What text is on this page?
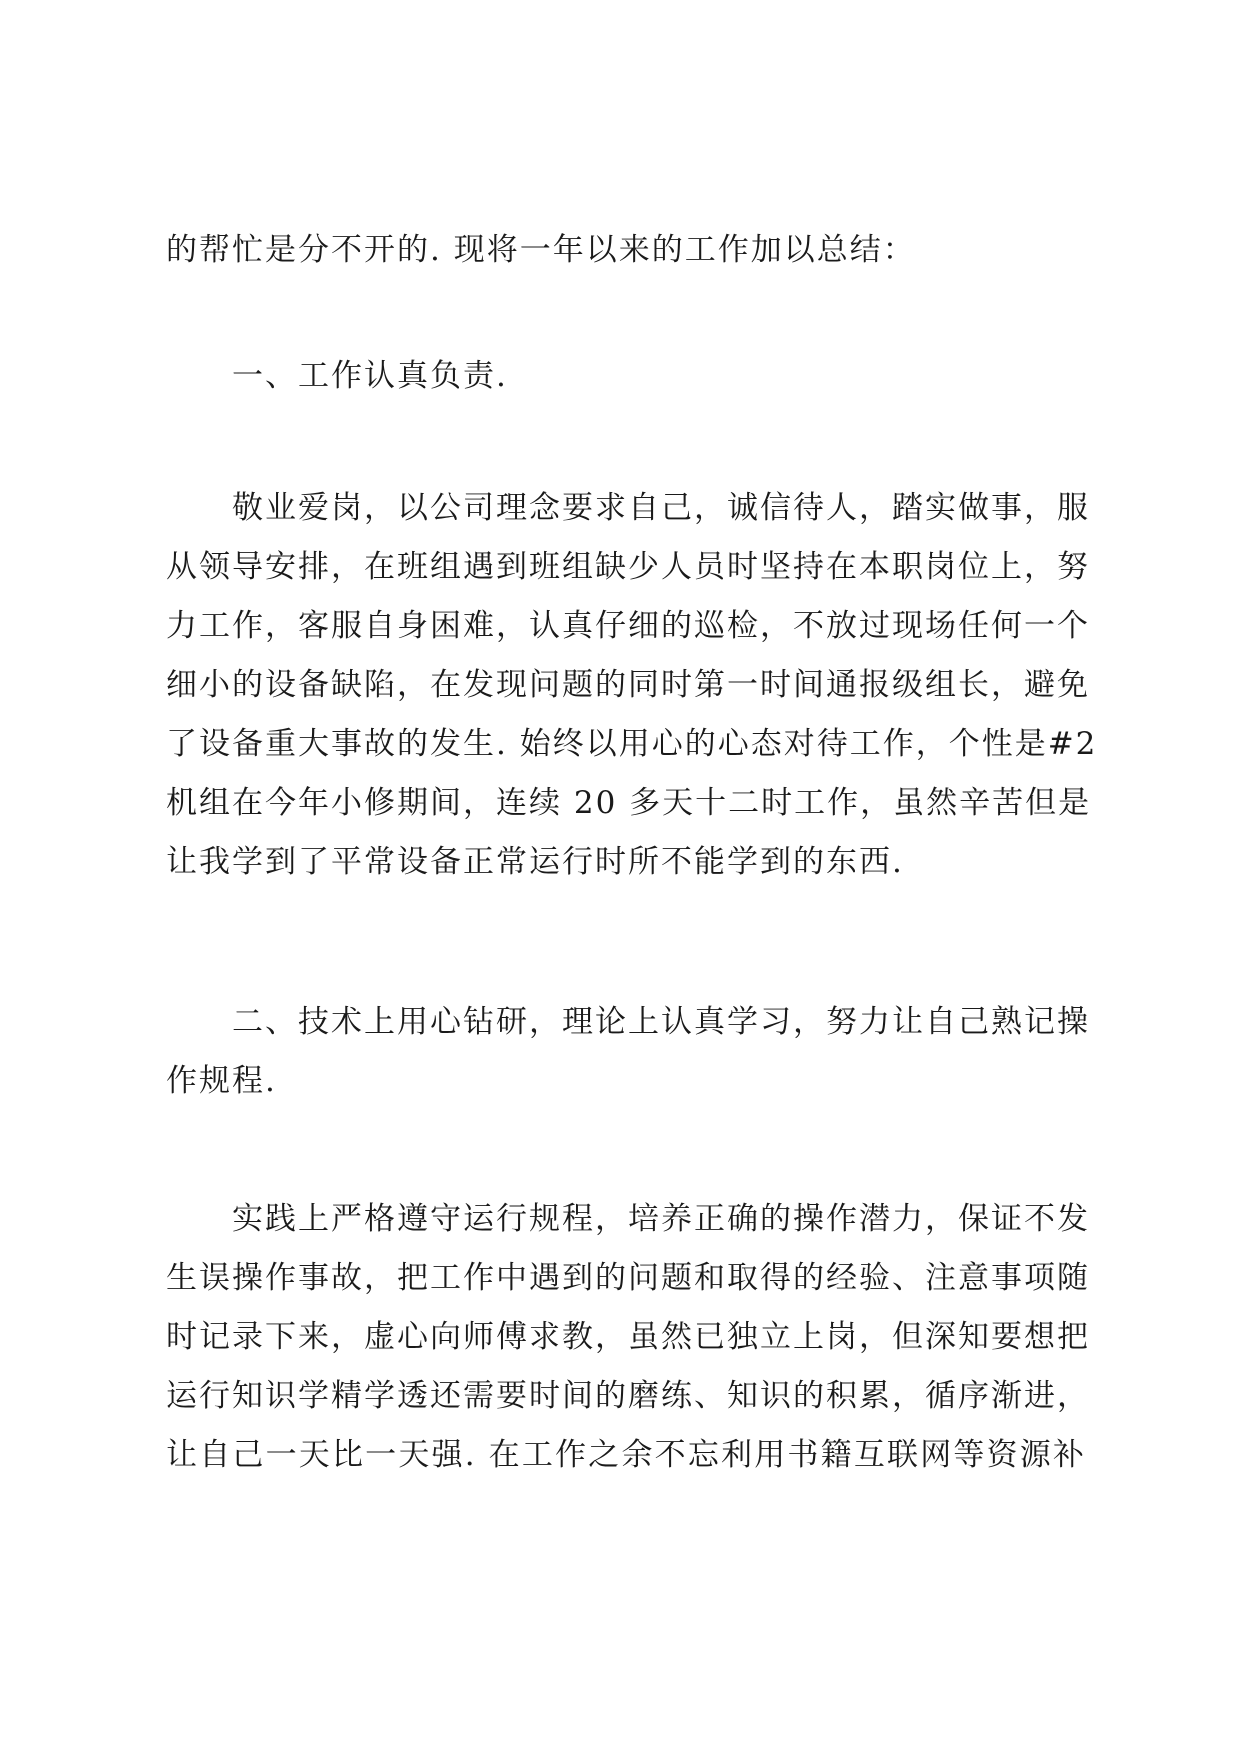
的帮忙是分不开的. 现将一年以来的工作加以总结：
一、工作认真负责.
敬业爱岗，以公司理念要求自己，诚信待人，踏实做事，服
从领导安排，在班组遇到班组缺少人员时坚持在本职岗位上，努
力工作，客服自身困难，认真仔细的巡检，不放过现场任何一个
细小的设备缺陷，在发现问题的同时第一时间通报级组长，避免
了设备重大事故的发生. 始终以用心的心态对待工作，个性是#2
机组在今年小修期间，连续 20 多天十二时工作，虽然辛苦但是
让我学到了平常设备正常运行时所不能学到的东西.
二、技术上用心钻研，理论上认真学习，努力让自己熟记操
作规程.
实践上严格遵守运行规程，培养正确的操作潜力，保证不发
生误操作事故，把工作中遇到的问题和取得的经验、注意事项随
时记录下来，虚心向师傅求教，虽然已独立上岗，但深知要想把
运行知识学精学透还需要时间的磨练、知识的积累，循序渐进，
让自己一天比一天强. 在工作之余不忘利用书籍互联网等资源补
